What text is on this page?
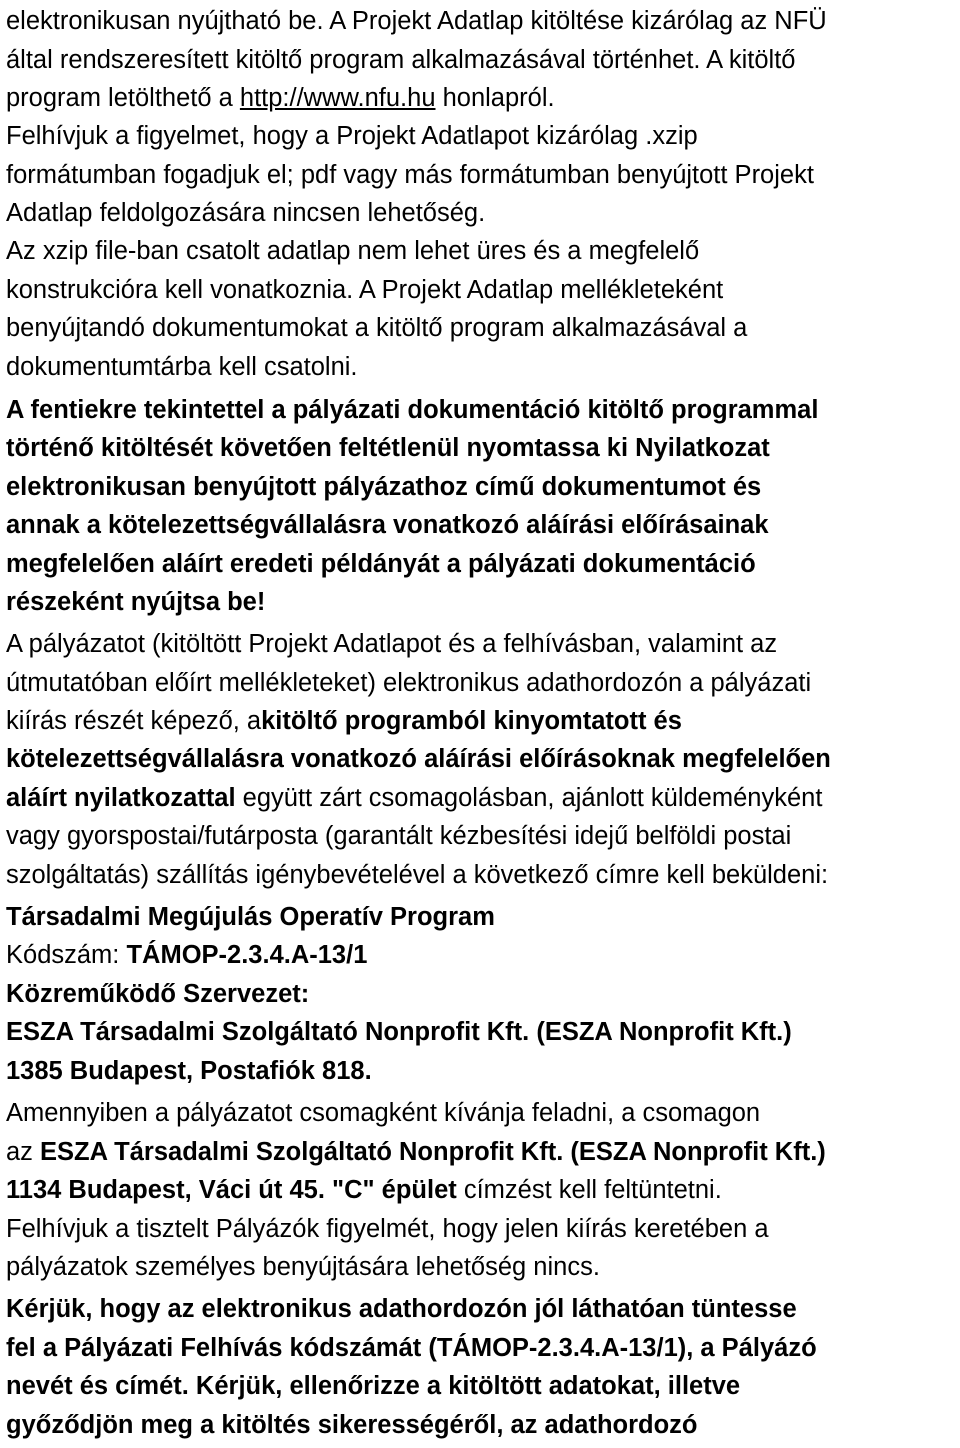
elektronikusan nyújtható be. A Projekt Adatlap kitöltése kizárólag az NFÜ
által rendszeresített kitöltő program alkalmazásával történhet. A kitöltő
program letölthető a http://www.nfu.hu honlapról.
Felhívjuk a figyelmet, hogy a Projekt Adatlapot kizárólag .xzip
formátumban fogadjuk el; pdf vagy más formátumban benyújtott Projekt
Adatlap feldolgozására nincsen lehetőség.
Az xzip file-ban csatolt adatlap nem lehet üres és a megfelelő
konstrukcióra kell vonatkoznia. A Projekt Adatlap mellékleteként
benyújtandó dokumentumokat a kitöltő program alkalmazásával a
dokumentumtárba kell csatolni.
A fentiekre tekintettel a pályázati dokumentáció kitöltő programmal
történő kitöltését követően feltétlenül nyomtassa ki Nyilatkozat
elektronikusan benyújtott pályázathoz című dokumentumot és
annak a kötelezettségvállalásra vonatkozó aláírási előírásainak
megfelelően aláírt eredeti példányát a pályázati dokumentáció
részeként nyújtsa be!
A pályázatot (kitöltött Projekt Adatlapot és a felhívásban, valamint az
útmutatóban előírt mellékleteket) elektronikus adathordozón a pályázati
kiírás részét képező, akitöltő programból kinyomtatott és
kötelezettségvállalásra vonatkozó aláírási előírásoknak megfelelően
aláírt nyilatkozattal együtt zárt csomagolásban, ajánlott küldeményként
vagy gyorspostai/futárposta (garantált kézbesítési idejű belföldi postai
szolgáltatás) szállítás igénybevételével a következő címre kell beküldeni:
Társadalmi Megújulás Operatív Program
Kódszám: TÁMOP-2.3.4.A-13/1
Közreműködő Szervezet:
ESZA Társadalmi Szolgáltató Nonprofit Kft. (ESZA Nonprofit Kft.)
1385 Budapest, Postafiók 818.
Amennyiben a pályázatot csomagként kívánja feladni, a csomagon
az ESZA Társadalmi Szolgáltató Nonprofit Kft. (ESZA Nonprofit Kft.)
1134 Budapest, Váci út 45. "C" épület címzést kell feltüntetni.
Felhívjuk a tisztelt Pályázók figyelmét, hogy jelen kiírás keretében a
pályázatok személyes benyújtására lehetőség nincs.
Kérjük, hogy az elektronikus adathordozón jól láthatóan tüntesse
fel a Pályázati Felhívás kódszámát (TÁMOP-2.3.4.A-13/1), a Pályázó
nevét és címét. Kérjük, ellenőrizze a kitöltött adatokat, illetve
győződjön meg a kitöltés sikerességéről, az adathordozó
